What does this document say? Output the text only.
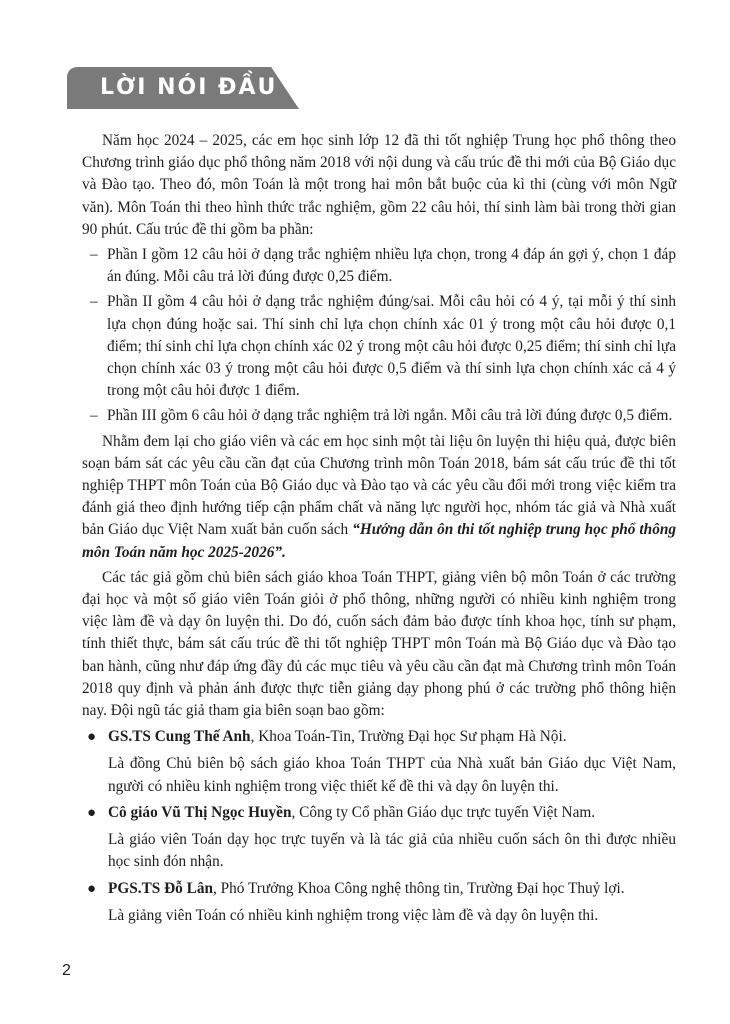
LỜI NÓI ĐẦU

Năm học 2024 – 2025, các em học sinh lớp 12 đã thi tốt nghiệp Trung học phổ thông theo Chương trình giáo dục phổ thông năm 2018 với nội dung và cấu trúc đề thi mới của Bộ Giáo dục và Đào tạo. Theo đó, môn Toán là một trong hai môn bắt buộc của kì thi (cùng với môn Ngữ văn). Môn Toán thi theo hình thức trắc nghiệm, gồm 22 câu hỏi, thí sinh làm bài trong thời gian 90 phút. Cấu trúc đề thi gồm ba phần:

– Phần I gồm 12 câu hỏi ở dạng trắc nghiệm nhiều lựa chọn, trong 4 đáp án gợi ý, chọn 1 đáp án đúng. Mỗi câu trả lời đúng được 0,25 điểm.
– Phần II gồm 4 câu hỏi ở dạng trắc nghiệm đúng/sai. Mỗi câu hỏi có 4 ý, tại mỗi ý thí sinh lựa chọn đúng hoặc sai. Thí sinh chỉ lựa chọn chính xác 01 ý trong một câu hỏi được 0,1 điểm; thí sinh chỉ lựa chọn chính xác 02 ý trong một câu hỏi được 0,25 điểm; thí sinh chỉ lựa chọn chính xác 03 ý trong một câu hỏi được 0,5 điểm và thí sinh lựa chọn chính xác cả 4 ý trong một câu hỏi được 1 điểm.
– Phần III gồm 6 câu hỏi ở dạng trắc nghiệm trả lời ngắn. Mỗi câu trả lời đúng được 0,5 điểm.

Nhằm đem lại cho giáo viên và các em học sinh một tài liệu ôn luyện thi hiệu quả, được biên soạn bám sát các yêu cầu cần đạt của Chương trình môn Toán 2018, bám sát cấu trúc đề thi tốt nghiệp THPT môn Toán của Bộ Giáo dục và Đào tạo và các yêu cầu đổi mới trong việc kiểm tra đánh giá theo định hướng tiếp cận phẩm chất và năng lực người học, nhóm tác giả và Nhà xuất bản Giáo dục Việt Nam xuất bản cuốn sách “Hướng dẫn ôn thi tốt nghiệp trung học phổ thông môn Toán năm học 2025-2026”.

Các tác giả gồm chủ biên sách giáo khoa Toán THPT, giảng viên bộ môn Toán ở các trường đại học và một số giáo viên Toán giỏi ở phổ thông, những người có nhiều kinh nghiệm trong việc làm đề và dạy ôn luyện thi. Do đó, cuốn sách đảm bảo được tính khoa học, tính sư phạm, tính thiết thực, bám sát cấu trúc đề thi tốt nghiệp THPT môn Toán mà Bộ Giáo dục và Đào tạo ban hành, cũng như đáp ứng đầy đủ các mục tiêu và yêu cầu cần đạt mà Chương trình môn Toán 2018 quy định và phản ánh được thực tiễn giảng dạy phong phú ở các trường phổ thông hiện nay. Đội ngũ tác giả tham gia biên soạn bao gồm:

● GS.TS Cung Thế Anh, Khoa Toán-Tin, Trường Đại học Sư phạm Hà Nội.

Là đồng Chủ biên bộ sách giáo khoa Toán THPT của Nhà xuất bản Giáo dục Việt Nam, người có nhiều kinh nghiệm trong việc thiết kế đề thi và dạy ôn luyện thi.

● Cô giáo Vũ Thị Ngọc Huyền, Công ty Cổ phần Giáo dục trực tuyến Việt Nam.

Là giáo viên Toán dạy học trực tuyến và là tác giả của nhiều cuốn sách ôn thi được nhiều học sinh đón nhận.

● PGS.TS Đỗ Lân, Phó Trưởng Khoa Công nghệ thông tin, Trường Đại học Thuỷ lợi.

Là giảng viên Toán có nhiều kinh nghiệm trong việc làm đề và dạy ôn luyện thi.

2
